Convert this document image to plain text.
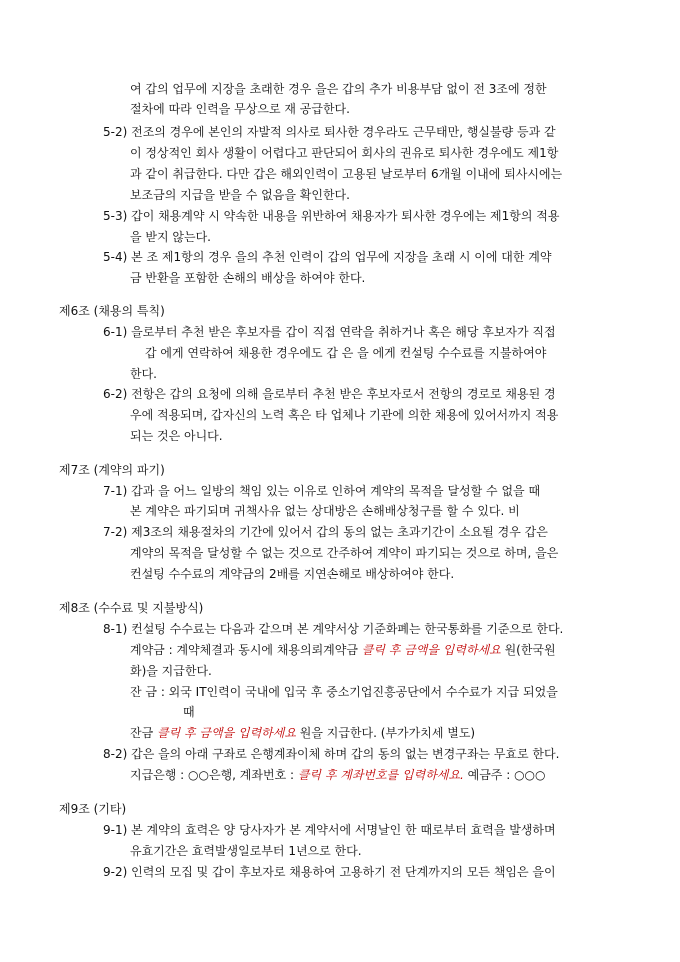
여 갑의 업무에 지장을 초래한 경우 을은 갑의 추가 비용부담 없이 전 3조에 정한
절차에 따라 인력을 무상으로 재 공급한다.
5-2) 전조의 경우에 본인의 자발적 의사로 퇴사한 경우라도 근무태만, 행실불량 등과 같
이 정상적인 회사 생활이 어렵다고 판단되어 회사의 권유로 퇴사한 경우에도 제1항
과 같이 취급한다. 다만 갑은 해외인력이 고용된 날로부터 6개월 이내에 퇴사시에는
보조금의 지급을 받을 수 없음을 확인한다.
5-3) 갑이 채용계약 시 약속한 내용을 위반하여 채용자가 퇴사한 경우에는 제1항의 적용
을 받지 않는다.
5-4) 본 조 제1항의 경우 을의 추천 인력이 갑의 업무에 지장을 초래 시 이에 대한 계약
금 반환을 포함한 손해의 배상을 하여야 한다.
제6조 (채용의 특칙)
6-1) 을로부터 추천 받은 후보자를 갑이 직접 연락을 취하거나 혹은 해당 후보자가 직접
갑 에게 연락하여 채용한 경우에도 갑 은 을 에게 컨설팅 수수료를 지불하여야
한다.
6-2) 전항은 갑의 요청에 의해 을로부터 추천 받은 후보자로서 전항의 경로로 채용된 경
우에 적용되며, 갑자신의 노력 혹은 타 업체나 기관에 의한 채용에 있어서까지 적용
되는 것은 아니다.
제7조 (계약의 파기)
7-1) 갑과 을 어느 일방의 책임 있는 이유로 인하여 계약의 목적을 달성할 수 없을 때
본 계약은 파기되며 귀책사유 없는 상대방은 손해배상청구를 할 수 있다. 비
7-2) 제3조의 채용절차의 기간에 있어서 갑의 동의 없는 초과기간이 소요될 경우 갑은
계약의 목적을 달성할 수 없는 것으로 간주하여 계약이 파기되는 것으로 하며, 을은
컨설팅 수수료의 계약금의 2배를 지연손해로 배상하여야 한다.
제8조 (수수료 및 지불방식)
8-1) 컨설팅 수수료는 다음과 같으며 본 계약서상 기준화폐는 한국통화를 기준으로 한다.
계약금 : 계약체결과 동시에 채용의뢰계약금 클릭 후 금액을 입력하세요 원(한국원
화)을 지급한다.
잔 금 : 외국 IT인력이 국내에 입국 후 중소기업진흥공단에서 수수료가 지급 되었을
때
잔금 클릭 후 금액을 입력하세요 원을 지급한다. (부가가치세 별도)
8-2) 갑은 을의 아래 구좌로 은행계좌이체 하며 갑의 동의 없는 변경구좌는 무효로 한다.
지급은행 : ○○은행, 계좌번호 : 클릭 후 계좌번호를 입력하세요. 예금주 : ○○○
제9조 (기타)
9-1) 본 계약의 효력은 양 당사자가 본 계약서에 서명날인 한 때로부터 효력을 발생하며
유효기간은 효력발생일로부터 1년으로 한다.
9-2) 인력의 모집 및 갑이 후보자로 채용하여 고용하기 전 단계까지의 모든 책임은 을이
